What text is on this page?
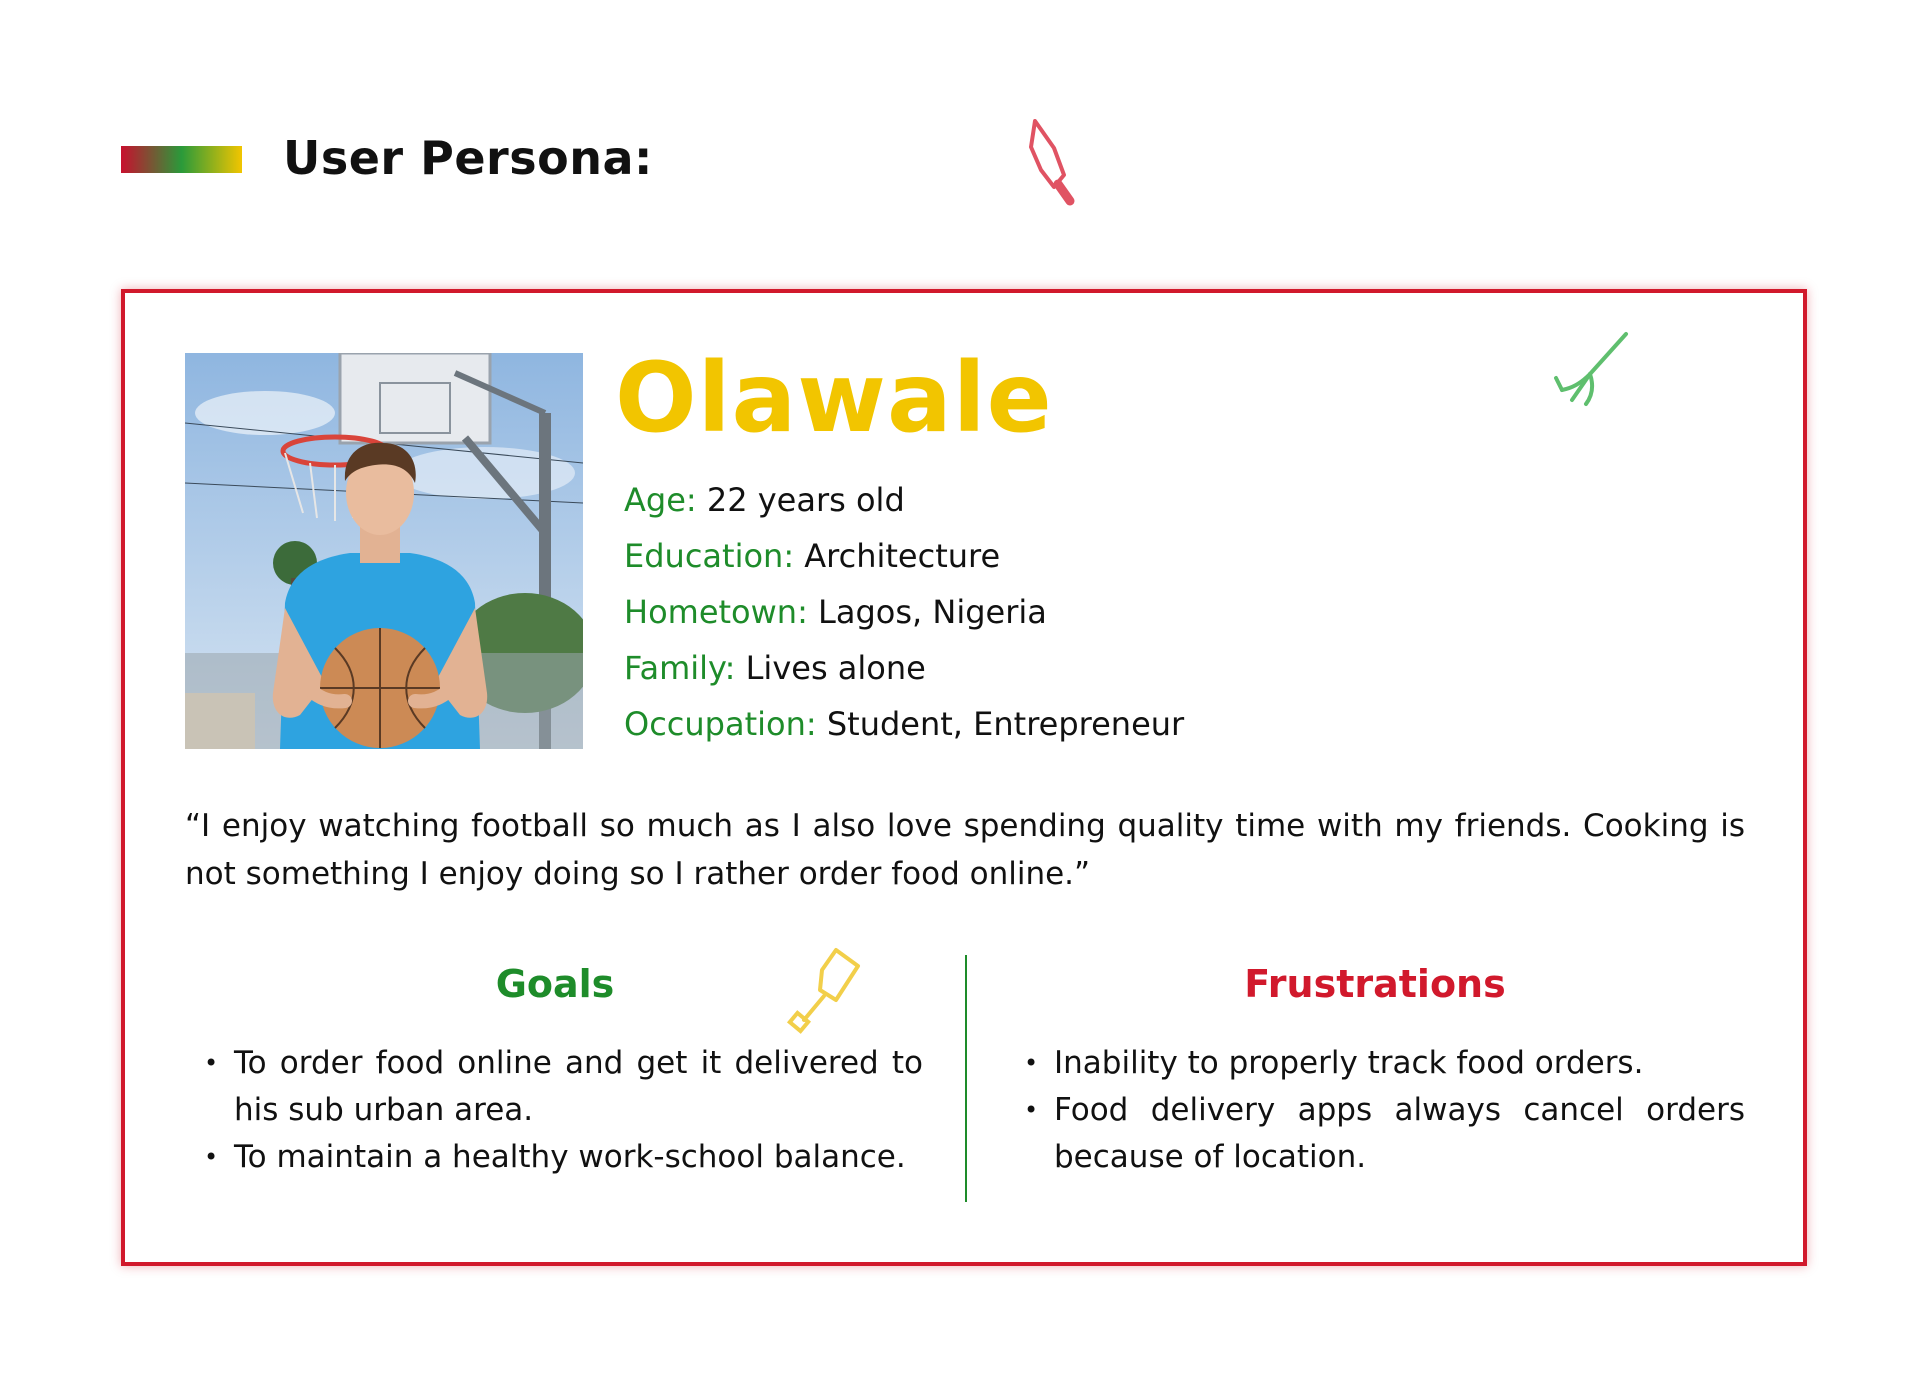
User Persona:
Olawale
Age: 22 years old
Education: Architecture
Hometown: Lagos, Nigeria
Family: Lives alone
Occupation: Student, Entrepreneur

“I enjoy watching football so much as I also love spending quality time with my friends. Cooking is not something I enjoy doing so I rather order food online.”

Goals
• To order food online and get it delivered to his sub urban area.
• To maintain a healthy work-school balance.
Frustrations
• Inability to properly track food orders.
• Food delivery apps always cancel orders because of location.
